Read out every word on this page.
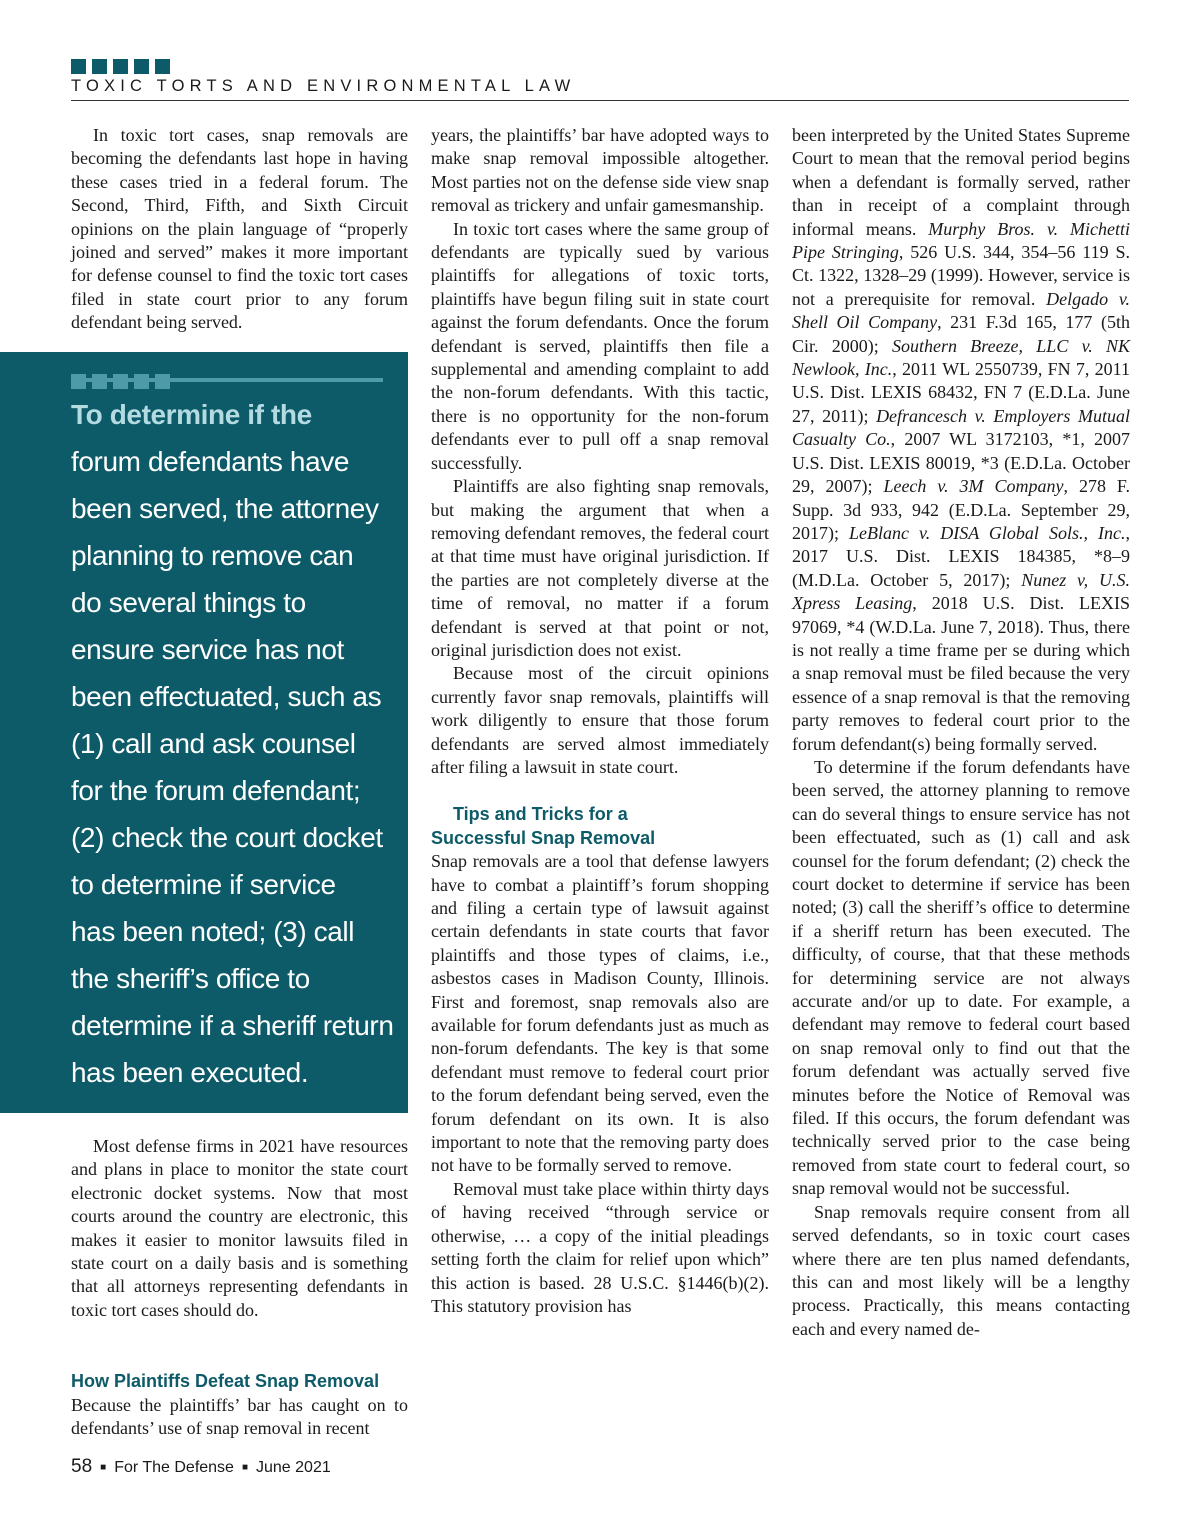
TOXIC TORTS AND ENVIRONMENTAL LAW

In toxic tort cases, snap removals are becoming the defendants last hope in having these cases tried in a federal forum. The Second, Third, Fifth, and Sixth Circuit opinions on the plain language of “properly joined and served” makes it more important for defense counsel to find the toxic tort cases filed in state court prior to any forum defendant being served.

To determine if the
forum defendants have
been served, the attorney
planning to remove can
do several things to
ensure service has not
been effectuated, such as
(1) call and ask counsel
for the forum defendant;
(2) check the court docket
to determine if service
has been noted; (3) call
the sheriff’s office to
determine if a sheriff return
has been executed.

Most defense firms in 2021 have resources and plans in place to monitor the state court electronic docket systems. Now that most courts around the country are electronic, this makes it easier to monitor lawsuits filed in state court on a daily basis and is something that all attorneys representing defendants in toxic tort cases should do.

How Plaintiffs Defeat Snap Removal

Because the plaintiffs’ bar has caught on to defendants’ use of snap removal in recent

years, the plaintiffs’ bar have adopted ways to make snap removal impossible altogether. Most parties not on the defense side view snap removal as trickery and unfair gamesmanship.

In toxic tort cases where the same group of defendants are typically sued by various plaintiffs for allegations of toxic torts, plaintiffs have begun filing suit in state court against the forum defendants. Once the forum defendant is served, plaintiffs then file a supplemental and amending complaint to add the non-forum defendants. With this tactic, there is no opportunity for the non-forum defendants ever to pull off a snap removal successfully.

Plaintiffs are also fighting snap removals, but making the argument that when a removing defendant removes, the federal court at that time must have original jurisdiction. If the parties are not completely diverse at the time of removal, no matter if a forum defendant is served at that point or not, original jurisdiction does not exist.

Because most of the circuit opinions currently favor snap removals, plaintiffs will work diligently to ensure that those forum defendants are served almost immediately after filing a lawsuit in state court.

Tips and Tricks for a
Successful Snap Removal

Snap removals are a tool that defense lawyers have to combat a plaintiff’s forum shopping and filing a certain type of lawsuit against certain defendants in state courts that favor plaintiffs and those types of claims, i.e., asbestos cases in Madison County, Illinois. First and foremost, snap removals also are available for forum defendants just as much as non-forum defendants. The key is that some defendant must remove to federal court prior to the forum defendant being served, even the forum defendant on its own. It is also important to note that the removing party does not have to be formally served to remove.

Removal must take place within thirty days of having received “through service or otherwise, … a copy of the initial pleadings setting forth the claim for relief upon which” this action is based. 28 U.S.C. §1446(b)(2). This statutory provision has

been interpreted by the United States Supreme Court to mean that the removal period begins when a defendant is formally served, rather than in receipt of a complaint through informal means. Murphy Bros. v. Michetti Pipe Stringing, 526 U.S. 344, 354–56 119 S. Ct. 1322, 1328–29 (1999). However, service is not a prerequisite for removal. Delgado v. Shell Oil Company, 231 F.3d 165, 177 (5th Cir. 2000); Southern Breeze, LLC v. NK Newlook, Inc., 2011 WL 2550739, FN 7, 2011 U.S. Dist. LEXIS 68432, FN 7 (E.D.La. June 27, 2011); Defrancesch v. Employers Mutual Casualty Co., 2007 WL 3172103, *1, 2007 U.S. Dist. LEXIS 80019, *3 (E.D.La. October 29, 2007); Leech v. 3M Company, 278 F. Supp. 3d 933, 942 (E.D.La. September 29, 2017); LeBlanc v. DISA Global Sols., Inc., 2017 U.S. Dist. LEXIS 184385, *8–9 (M.D.La. October 5, 2017); Nunez v, U.S. Xpress Leasing, 2018 U.S. Dist. LEXIS 97069, *4 (W.D.La. June 7, 2018). Thus, there is not really a time frame per se during which a snap removal must be filed because the very essence of a snap removal is that the removing party removes to federal court prior to the forum defendant(s) being formally served.

To determine if the forum defendants have been served, the attorney planning to remove can do several things to ensure service has not been effectuated, such as (1) call and ask counsel for the forum defendant; (2) check the court docket to determine if service has been noted; (3) call the sheriff’s office to determine if a sheriff return has been executed. The difficulty, of course, that that these methods for determining service are not always accurate and/or up to date. For example, a defendant may remove to federal court based on snap removal only to find out that the forum defendant was actually served five minutes before the Notice of Removal was filed. If this occurs, the forum defendant was technically served prior to the case being removed from state court to federal court, so snap removal would not be successful.

Snap removals require consent from all served defendants, so in toxic court cases where there are ten plus named defendants, this can and most likely will be a lengthy process. Practically, this means contacting each and every named de-

58 ■ For The Defense ■ June 2021
